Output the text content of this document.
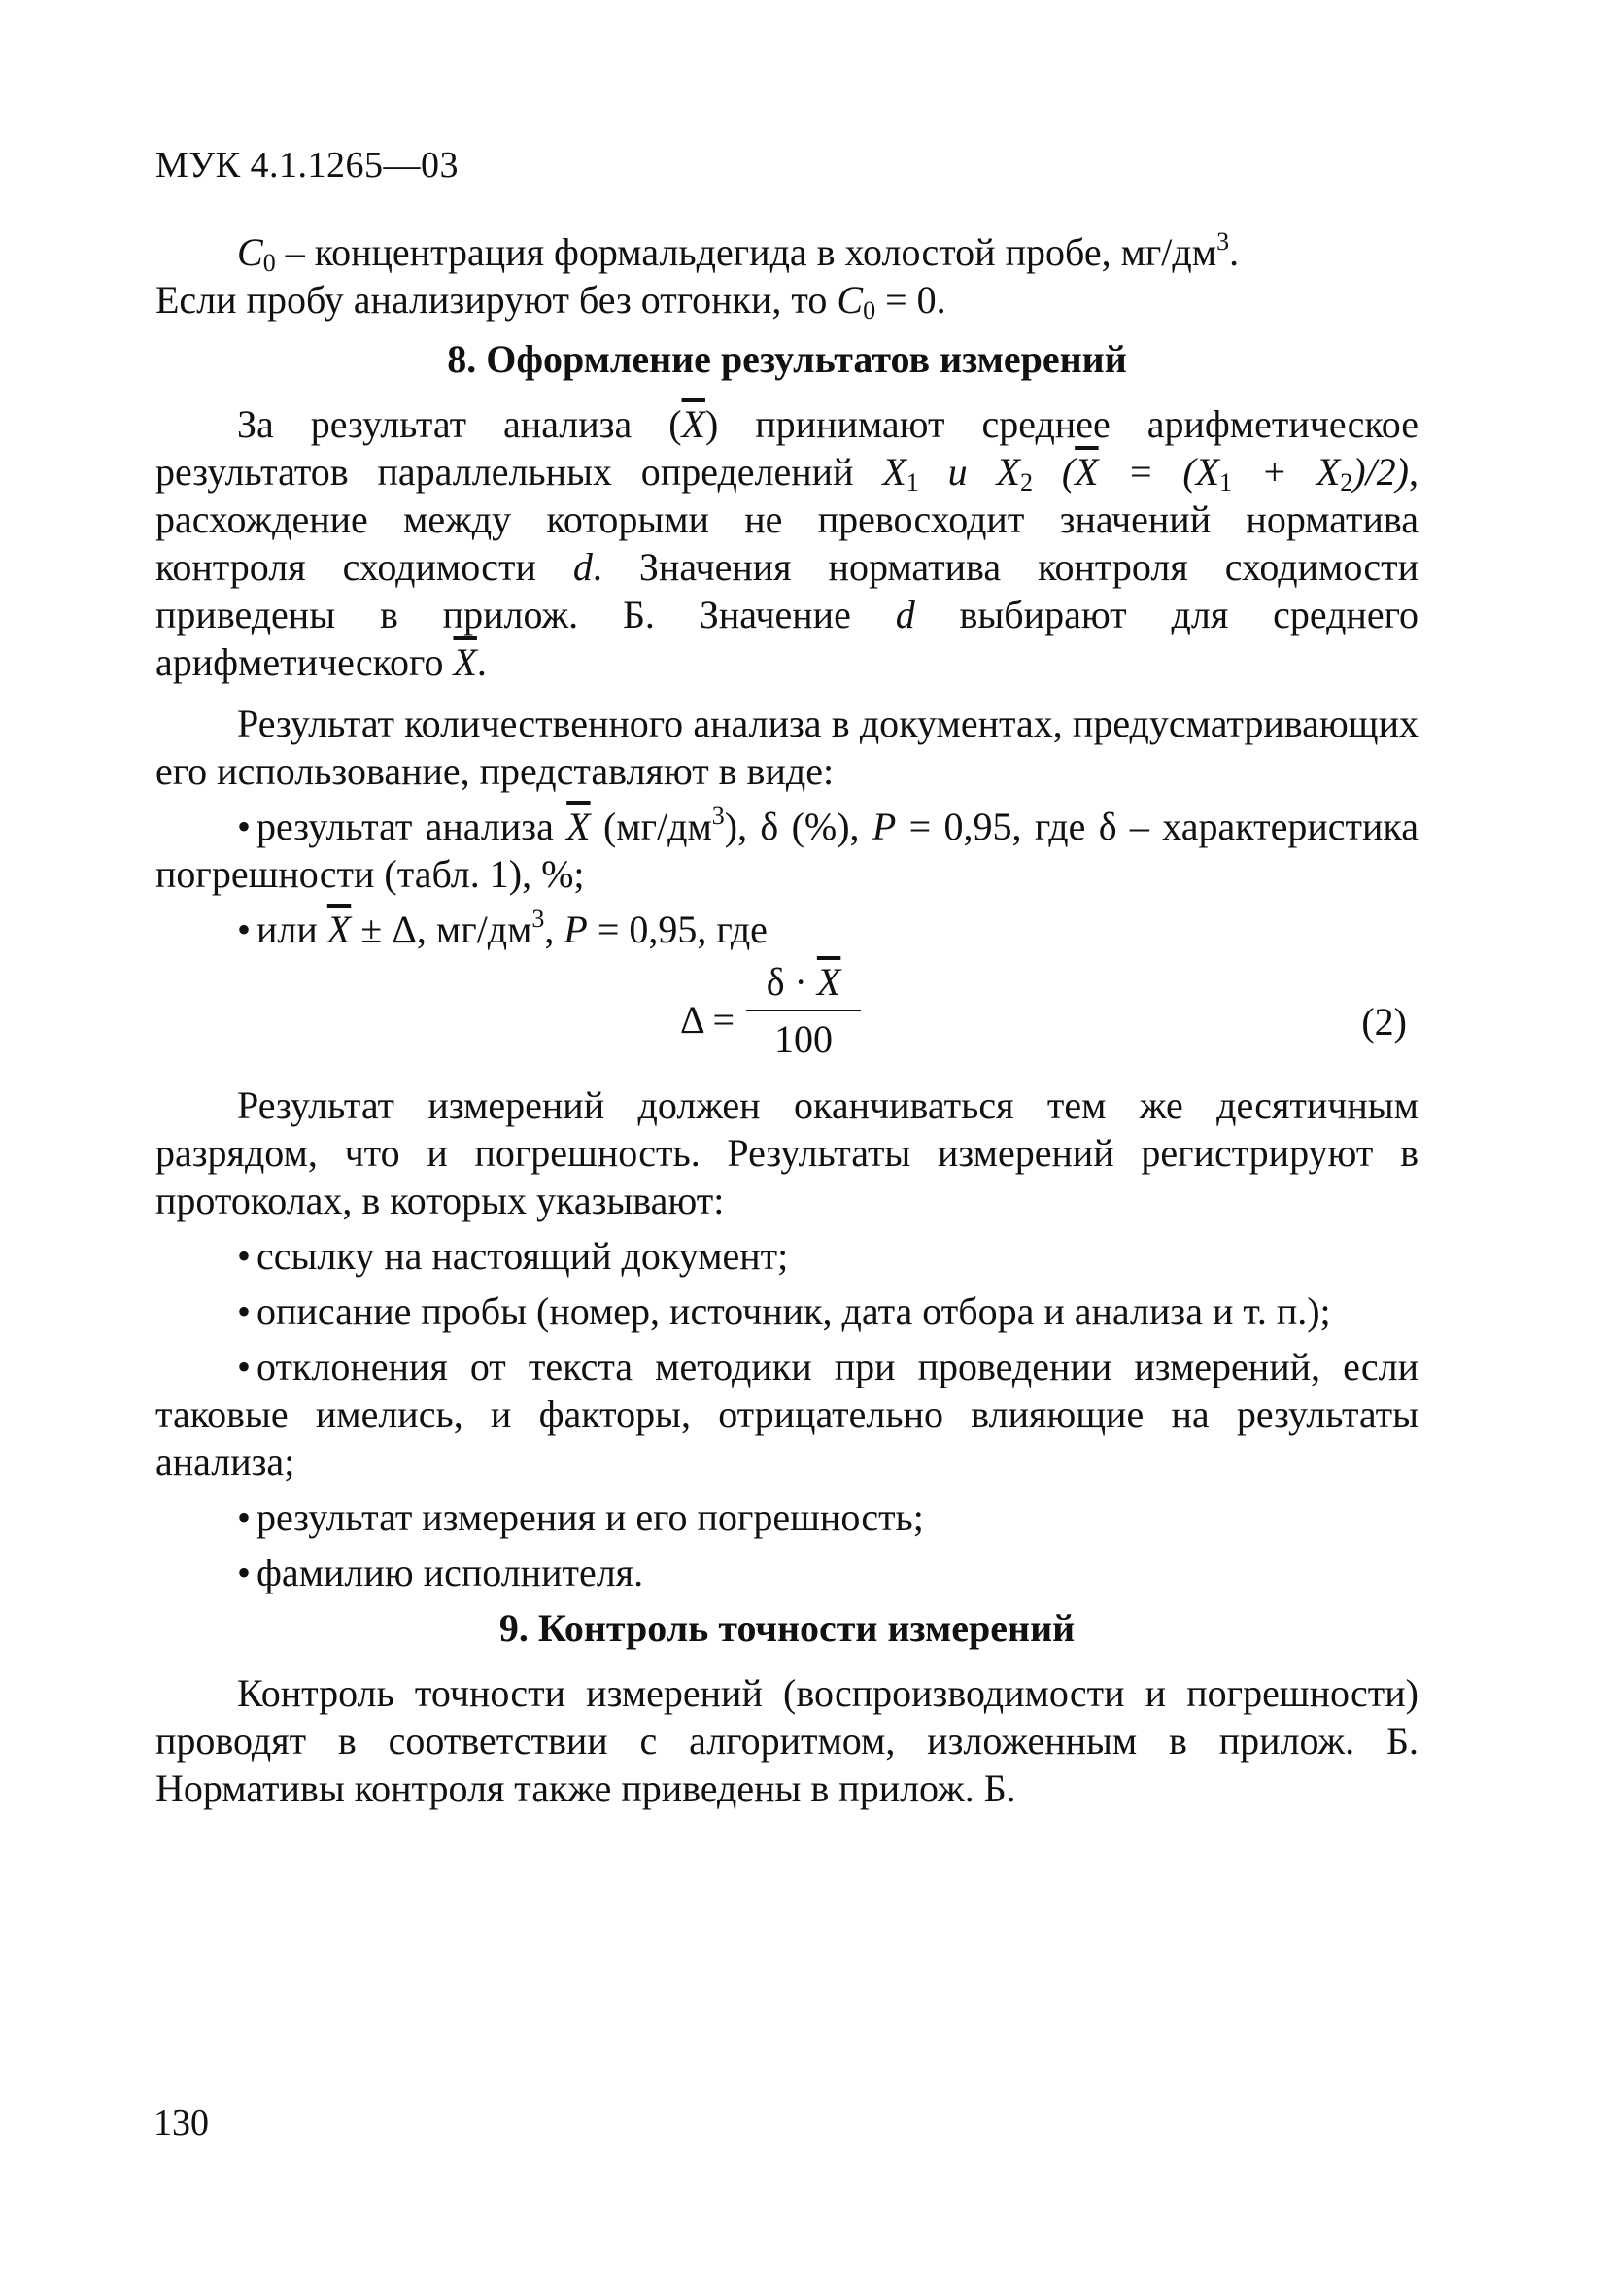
МУК 4.1.1265—03

$C_0$ – концентрация формальдегида в холостой пробе, $мг/дм^3$.
Если пробу анализируют без отгонки, то $C_0 = 0$.

8. Оформление результатов измерений

За результат анализа $(\overline{X})$ принимают среднее арифметическое результатов параллельных определений $X_1$ и $X_2$ $(\overline{X} = (X_1 + X_2)/2)$, расхождение между которыми не превосходит значений норматива контроля сходимости d. Значения норматива контроля сходимости приведены в прилож. Б. Значение d выбирают для среднего арифметического $\overline{X}$.

Результат количественного анализа в документах, предусматривающих его использование, представляют в виде:

• результат анализа $\overline{X}$ $(мг/дм^3)$, δ (%), P = 0,95, где δ – характеристика погрешности (табл. 1), %;

• или $\overline{X} \pm \Delta$, $мг/дм^3$, P = 0,95, где

Δ =
$\delta \cdot \overline{X}$
100	(2)

Результат измерений должен оканчиваться тем же десятичным разрядом, что и погрешность. Результаты измерений регистрируют в протоколах, в которых указывают:

• ссылку на настоящий документ;

• описание пробы (номер, источник, дата отбора и анализа и т. п.);

• отклонения от текста методики при проведении измерений, если таковые имелись, и факторы, отрицательно влияющие на результаты анализа;

• результат измерения и его погрешность;

• фамилию исполнителя.

9. Контроль точности измерений

Контроль точности измерений (воспроизводимости и погрешности) проводят в соответствии с алгоритмом, изложенным в прилож. Б. Нормативы контроля также приведены в прилож. Б.

130
